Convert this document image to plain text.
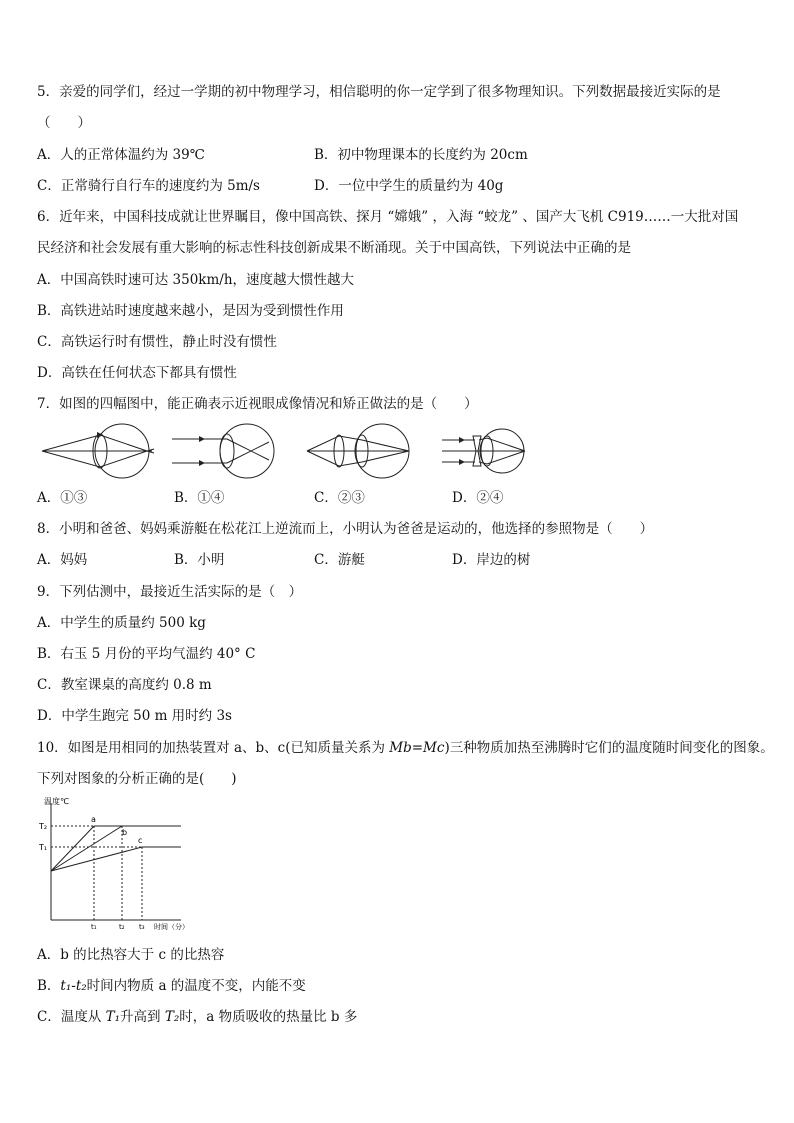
5．亲爱的同学们，经过一学期的初中物理学习，相信聪明的你一定学到了很多物理知识。下列数据最接近实际的是
（　　）
A．人的正常体温约为 39℃	B．初中物理课本的长度约为 20cm
C．正常骑行自行车的速度约为 5m/s	D．一位中学生的质量约为 40g
6．近年来，中国科技成就让世界瞩目，像中国高铁、探月 “嫦娥” ，入海 “蛟龙” 、国产大飞机 C919……一大批对国
民经济和社会发展有重大影响的标志性科技创新成果不断涌现。关于中国高铁，下列说法中正确的是
A．中国高铁时速可达 350km/h，速度越大惯性越大
B．高铁进站时速度越来越小，是因为受到惯性作用
C．高铁运行时有惯性，静止时没有惯性
D．高铁在任何状态下都具有惯性
7．如图的四幅图中，能正确表示近视眼成像情况和矫正做法的是（　　）
A．①③	B．①④	C．②③	D．②④
8．小明和爸爸、妈妈乘游艇在松花江上逆流而上，小明认为爸爸是运动的，他选择的参照物是（　　）
A．妈妈	B．小明	C．游艇	D．岸边的树
9．下列估测中，最接近生活实际的是（　）
A．中学生的质量约 500 kg
B．右玉 5 月份的平均气温约 40° C
C．教室课桌的高度约 0.8 m
D．中学生跑完 50 m 用时约 3s
10．如图是用相同的加热装置对 a、b、c(已知质量关系为 Mb=Mc)三种物质加热至沸腾时它们的温度随时间变化的图象。
下列对图象的分析正确的是(　　)
温度℃
T₂
T₁
a
b
c
t₁	t₂ t₃ 时间（分）
A．b 的比热容大于 c 的比热容
B．t₁-t₂时间内物质 a 的温度不变，内能不变
C．温度从 T₁升高到 T₂时，a 物质吸收的热量比 b 多
